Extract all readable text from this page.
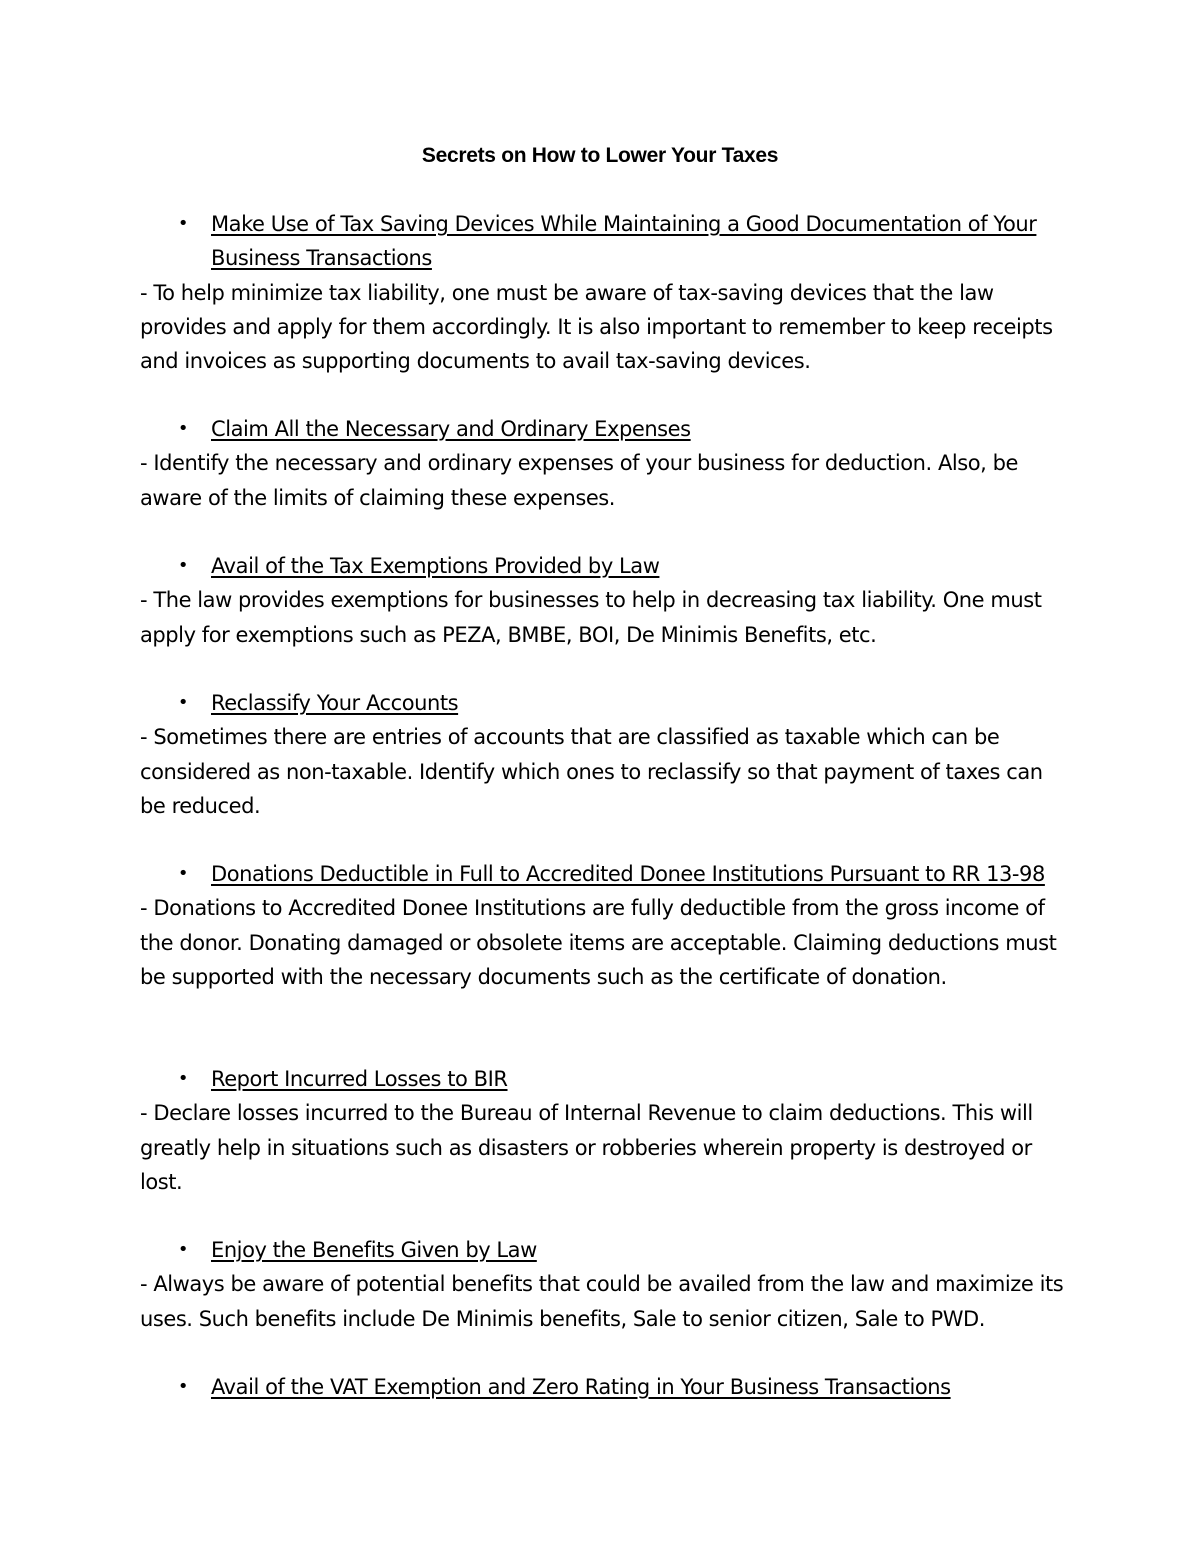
Secrets on How to Lower Your Taxes
• Make Use of Tax Saving Devices While Maintaining a Good Documentation of Your Business Transactions

- To help minimize tax liability, one must be aware of tax-saving devices that the law provides and apply for them accordingly. It is also important to remember to keep receipts and invoices as supporting documents to avail tax-saving devices.

• Claim All the Necessary and Ordinary Expenses

- Identify the necessary and ordinary expenses of your business for deduction. Also, be aware of the limits of claiming these expenses.

• Avail of the Tax Exemptions Provided by Law

- The law provides exemptions for businesses to help in decreasing tax liability. One must apply for exemptions such as PEZA, BMBE, BOI, De Minimis Benefits, etc.

• Reclassify Your Accounts

- Sometimes there are entries of accounts that are classified as taxable which can be considered as non-taxable. Identify which ones to reclassify so that payment of taxes can be reduced.

• Donations Deductible in Full to Accredited Donee Institutions Pursuant to RR 13-98

- Donations to Accredited Donee Institutions are fully deductible from the gross income of the donor. Donating damaged or obsolete items are acceptable. Claiming deductions must be supported with the necessary documents such as the certificate of donation.

• Report Incurred Losses to BIR

- Declare losses incurred to the Bureau of Internal Revenue to claim deductions. This will greatly help in situations such as disasters or robberies wherein property is destroyed or lost.

• Enjoy the Benefits Given by Law

- Always be aware of potential benefits that could be availed from the law and maximize its uses. Such benefits include De Minimis benefits, Sale to senior citizen, Sale to PWD.

• Avail of the VAT Exemption and Zero Rating in Your Business Transactions
